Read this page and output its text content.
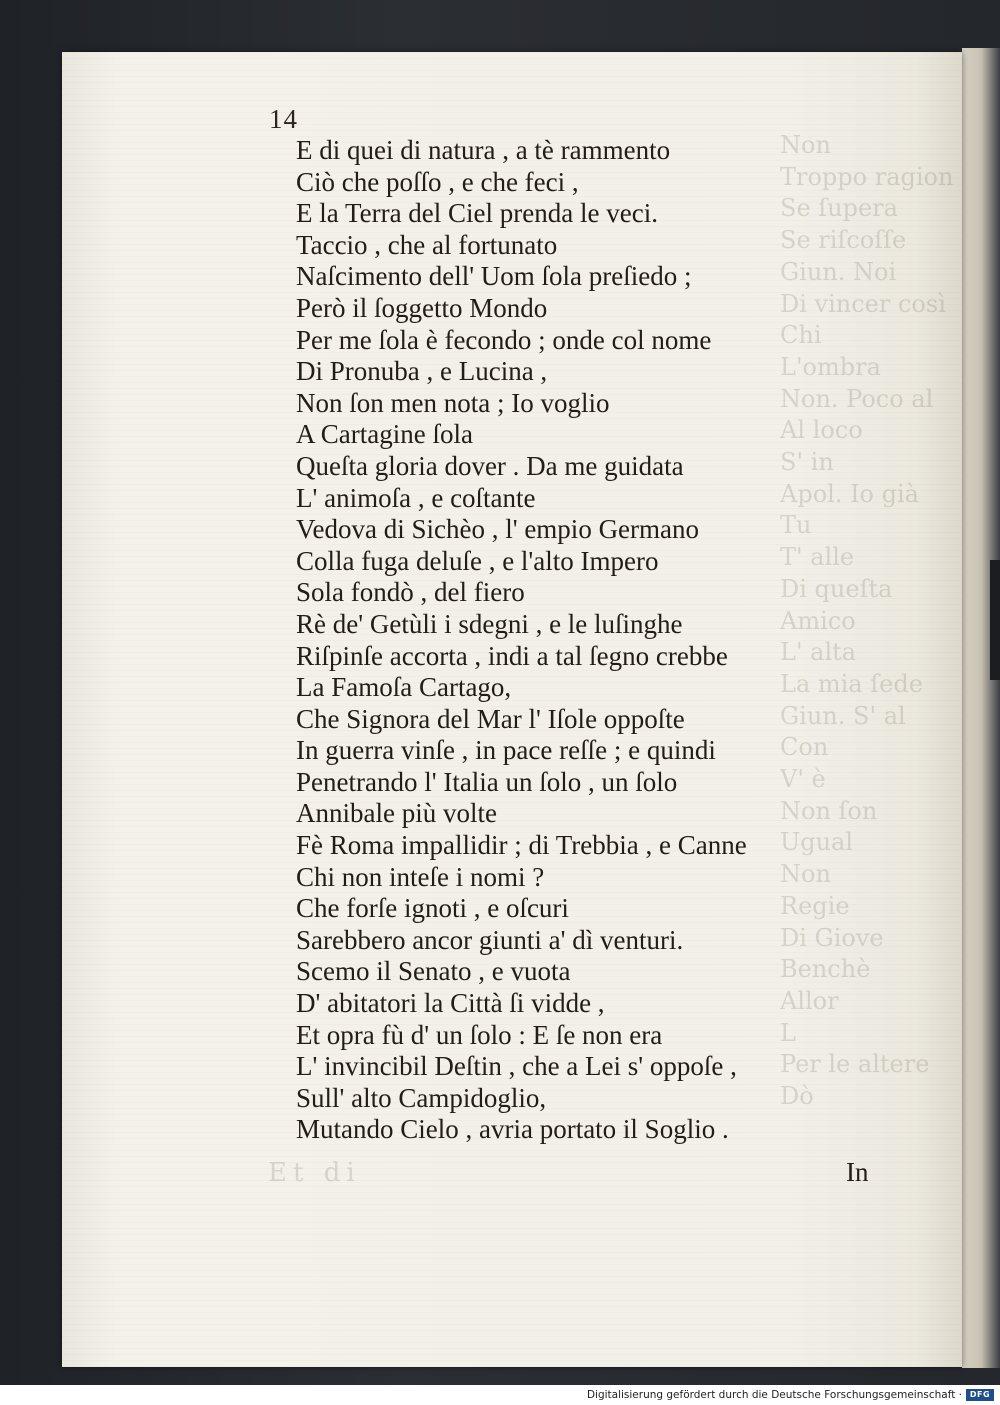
Non
Troppo ragion
Se ſupera
Se riſcoſſe
Giun. Noi
Di vincer così
Chi
L'ombra
Non. Poco al
Al loco
S' in
Apol. Io già
Tu
T' alle
Di queſta
Amico
L' alta
La mia ſede
Giun. S' al
Con
V' è
Non ſon
Ugual
Non
Regie
Di Giove
Benchè
Allor
L
Per le altere
Dò
Et di
14
E di quei di natura , a tè rammento
Ciò che poſſo , e che feci ,
E la Terra del Ciel prenda le veci.
Taccio , che al fortunato
Naſcimento dell' Uom ſola preſiedo ;
Però il ſoggetto Mondo
Per me ſola è fecondo ; onde col nome
Di Pronuba , e Lucina ,
Non ſon men nota ; Io voglio
A Cartagine ſola
Queſta gloria dover . Da me guidata
L' animoſa , e coſtante
Vedova di Sichèo , l' empio Germano
Colla fuga deluſe , e l'alto Impero
Sola fondò , del fiero
Rè de' Getùli i sdegni , e le luſinghe
Riſpinſe accorta , indi a tal ſegno crebbe
La Famoſa Cartago,
Che Signora del Mar l' Iſole oppoſte
In guerra vinſe , in pace reſſe ; e quindi
Penetrando l' Italia un ſolo , un ſolo
Annibale più volte
Fè Roma impallidir ; di Trebbia , e Canne
Chi non inteſe i nomi ?
Che forſe ignoti , e oſcuri
Sarebbero ancor giunti a' dì venturi.
Scemo il Senato , e vuota
D' abitatori la Città ſi vidde ,
Et opra fù d' un ſolo : E ſe non era
L' invincibil Deſtin , che a Lei s' oppoſe ,
Sull' alto Campidoglio,
Mutando Cielo , avria portato il Soglio .
In
Digitalisierung gefördert durch die Deutsche Forschungsgemeinschaft · DFG
